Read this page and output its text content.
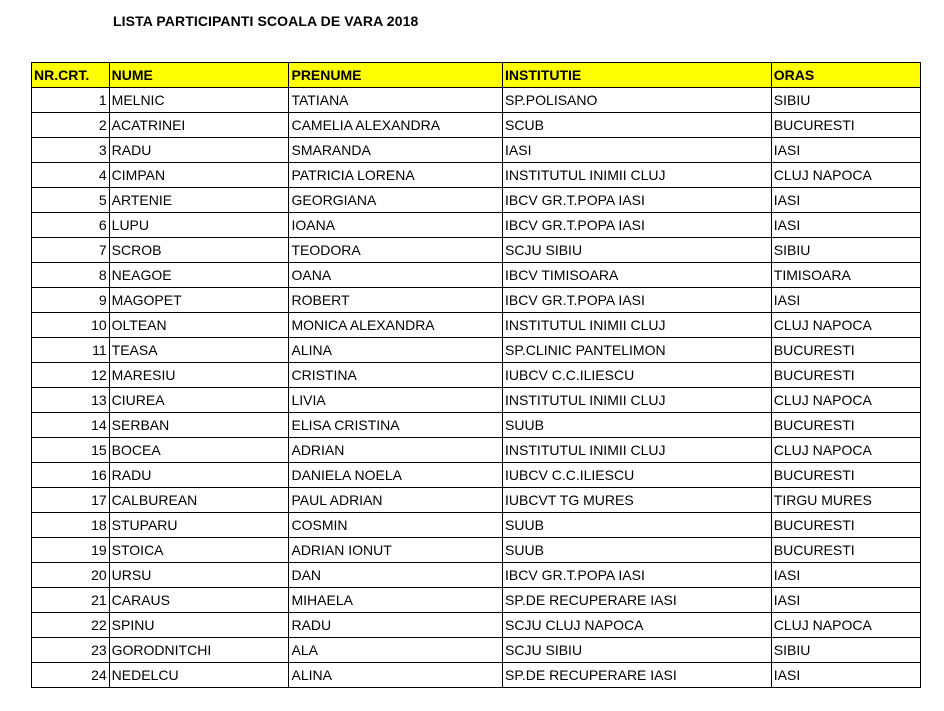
LISTA PARTICIPANTI SCOALA DE VARA 2018
NR.CRT.	NUME	PRENUME	INSTITUTIE	ORAS
1	MELNIC	TATIANA	SP.POLISANO	SIBIU
2	ACATRINEI	CAMELIA ALEXANDRA	SCUB	BUCURESTI
3	RADU	SMARANDA	IASI	IASI
4	CIMPAN	PATRICIA LORENA	INSTITUTUL INIMII CLUJ	CLUJ NAPOCA
5	ARTENIE	GEORGIANA	IBCV GR.T.POPA IASI	IASI
6	LUPU	IOANA	IBCV GR.T.POPA IASI	IASI
7	SCROB	TEODORA	SCJU SIBIU	SIBIU
8	NEAGOE	OANA	IBCV TIMISOARA	TIMISOARA
9	MAGOPET	ROBERT	IBCV GR.T.POPA IASI	IASI
10	OLTEAN	MONICA ALEXANDRA	INSTITUTUL INIMII CLUJ	CLUJ NAPOCA
11	TEASA	ALINA	SP.CLINIC PANTELIMON	BUCURESTI
12	MARESIU	CRISTINA	IUBCV C.C.ILIESCU	BUCURESTI
13	CIUREA	LIVIA	INSTITUTUL INIMII CLUJ	CLUJ NAPOCA
14	SERBAN	ELISA CRISTINA	SUUB	BUCURESTI
15	BOCEA	ADRIAN	INSTITUTUL INIMII CLUJ	CLUJ NAPOCA
16	RADU	DANIELA NOELA	IUBCV C.C.ILIESCU	BUCURESTI
17	CALBUREAN	PAUL ADRIAN	IUBCVT TG MURES	TIRGU MURES
18	STUPARU	COSMIN	SUUB	BUCURESTI
19	STOICA	ADRIAN IONUT	SUUB	BUCURESTI
20	URSU	DAN	IBCV GR.T.POPA IASI	IASI
21	CARAUS	MIHAELA	SP.DE RECUPERARE IASI	IASI
22	SPINU	RADU	SCJU CLUJ NAPOCA	CLUJ NAPOCA
23	GORODNITCHI	ALA	SCJU SIBIU	SIBIU
24	NEDELCU	ALINA	SP.DE RECUPERARE IASI	IASI
